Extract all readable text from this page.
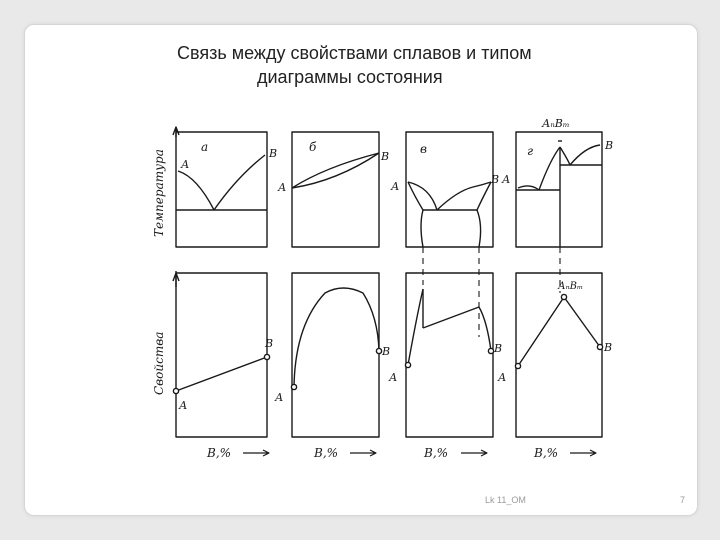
Связь между свойствами сплавов и типом
диаграммы состояния
Температура
Свойства
а	б	в	г
А
В
А
В
А
В А
В
АₙВₘ
А
В
А
В
А
В
А
В
АₙВₘ
В,%	В,%	В,%	В,%
Lk 11_OM	7
